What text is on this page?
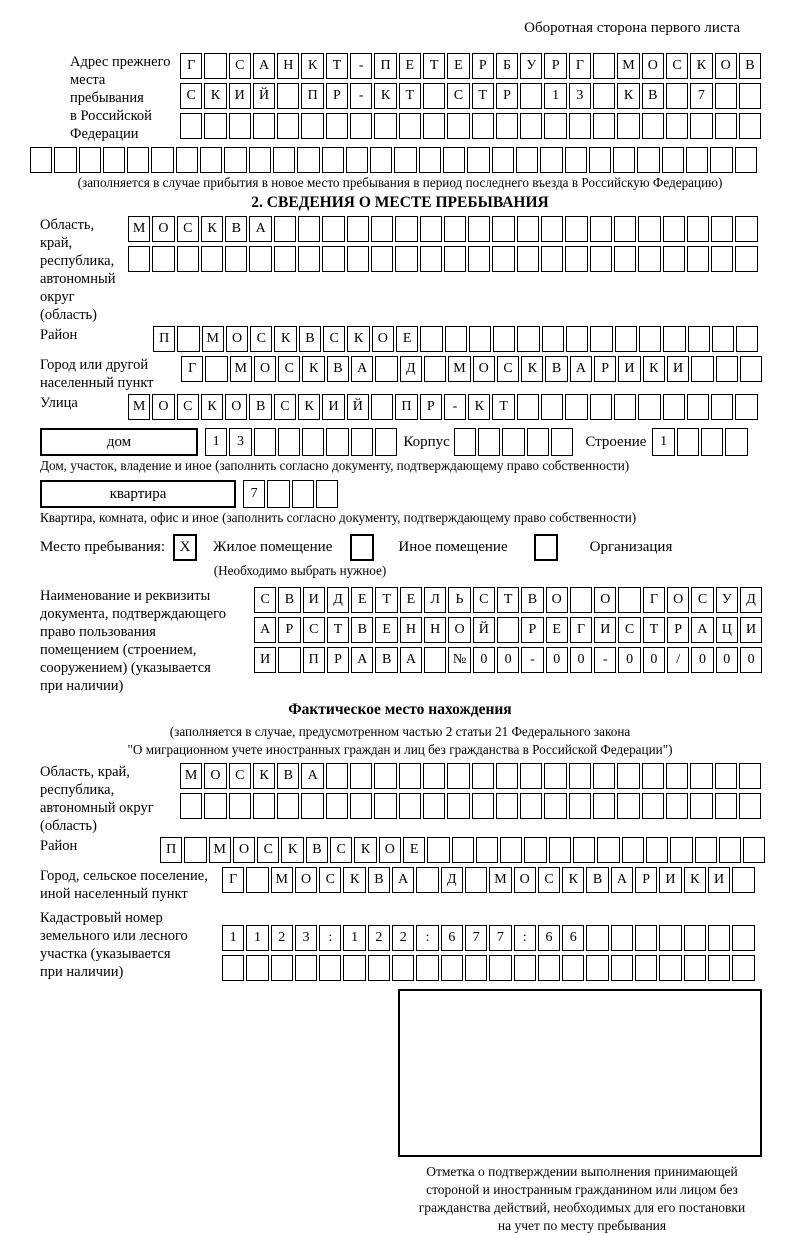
Оборотная сторона первого листа
Адрес прежнего
места пребывания
в Российской
Федерации
Г	С	А	Н	К	Т	-	П	Е	Т	Е	Р	Б	У	Р	Г	М О	С	К	О	В
С	К	И	Й	П	Р	-	К	Т	С	Т	Р	1	3	К	В	7
(заполняется в случае прибытия в новое место пребывания в период последнего въезда в Российскую Федерацию)
2. СВЕДЕНИЯ О МЕСТЕ ПРЕБЫВАНИЯ
Область, край,
республика,
автономный
округ (область)
М О	С	К	В	А
Район	П	М О	С	К	В	С	К	О	Е
Город или другой
населенный пункт
Г	М О	С	К	В	А	Д	М О	С	К	В	А	Р	И	К	И
Улица	М О	С	К	О	В	С	К	И	Й	П	Р	-	К	Т
дом	1	3	Корпус	Строение 1
Дом, участок, владение и иное (заполнить согласно документу, подтверждающему право собственности)
квартира	7
Квартира, комната, офис и иное (заполнить согласно документу, подтверждающему право собственности)
Место пребывания: X	Жилое помещение	Иное помещение	Организация
(Необходимо выбрать нужное)
Наименование и реквизиты
документа, подтверждающего
право пользования
помещением (строением,
сооружением) (указывается
при наличии)
С	В	И	Д	Е	Т	Е	Л	Ь	С	Т	В	О	О	Г	О	С	У	Д
А	Р	С	Т	В	Е	Н	Н	О	Й	Р	Е	Г	И	С	Т	Р	А	Ц	И
И	П	Р	А	В	А	№	0	0	-	0	0	-	0	0	/	0	0	0
Фактическое место нахождения
(заполняется в случае, предусмотренном частью 2 статьи 21 Федерального закона
"О миграционном учете иностранных граждан и лиц без гражданства в Российской Федерации")
Область, край,
республика,
автономный округ
(область)
М О	С	К	В	А
Район	П	М О	С	К	В	С	К	О	Е
Город, сельское поселение,
иной населенный пункт
Г	М О	С	К	В	А	Д	М О	С	К	В	А	Р	И	К	И
Кадастровый номер
земельного или лесного
участка (указывается
при наличии)
1	1	2	3	:	1	2	2	:	6	7	7	:	6	6
Отметка о подтверждении выполнения принимающей
стороной и иностранным гражданином или лицом без
гражданства действий, необходимых для его постановки
на учет по месту пребывания
